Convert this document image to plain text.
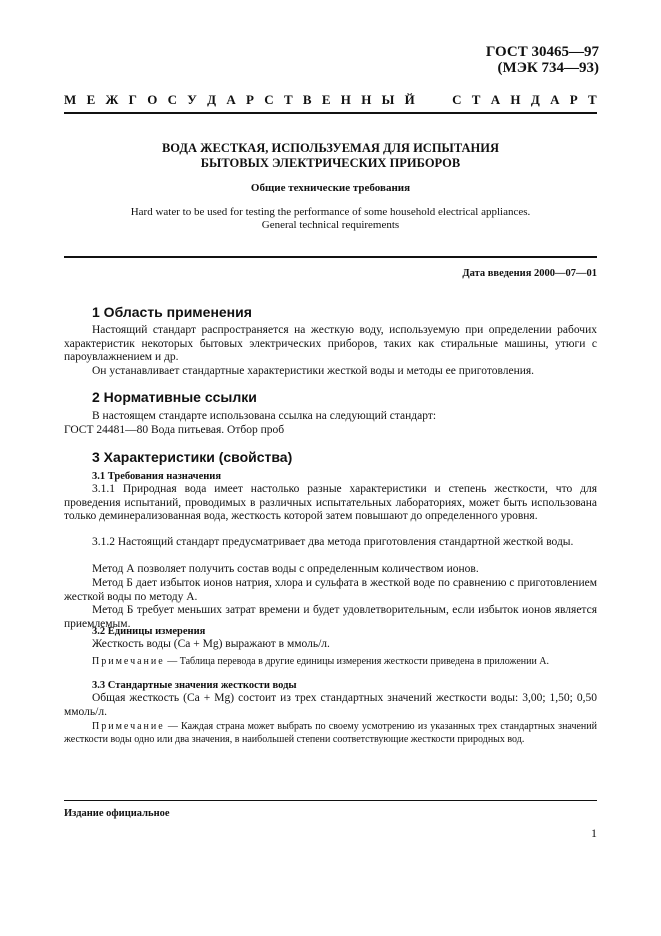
ГОСТ 30465—97
(МЭК 734—93)
М Е Ж Г О С У Д А Р С Т В Е Н Н Ы Й

	С Т А Н Д А Р Т
ВОДА ЖЕСТКАЯ, ИСПОЛЬЗУЕМАЯ ДЛЯ ИСПЫТАНИЯ
БЫТОВЫХ ЭЛЕКТРИЧЕСКИХ ПРИБОРОВ
Общие технические требования
Hard water to be used for testing the performance of some household electrical appliances.
General technical requirements
Дата введения 2000—07—01
1 Область применения
Настоящий стандарт распространяется на жесткую воду, используемую при определении рабочих характеристик некоторых бытовых электрических приборов, таких как стиральные машины, утюги с пароувлажнением и др.
Он устанавливает стандартные характеристики жесткой воды и методы ее приготовления.
2 Нормативные ссылки
В настоящем стандарте использована ссылка на следующий стандарт:
ГОСТ 24481—80 Вода питьевая. Отбор проб
3 Характеристики (свойства)
3.1 Требования назначения
3.1.1 Природная вода имеет настолько разные характеристики и степень жесткости, что для проведения испытаний, проводимых в различных испытательных лабораториях, может быть использована только деминерализованная вода, жесткость которой затем повышают до определенного уровня.
3.1.2 Настоящий стандарт предусматривает два метода приготовления стандартной жесткой воды.
Метод А позволяет получить состав воды с определенным количеством ионов.
Метод Б дает избыток ионов натрия, хлора и сульфата в жесткой воде по сравнению с приготовлением жесткой воды по методу А.
Метод Б требует меньших затрат времени и будет удовлетворительным, если избыток ионов является приемлемым.
3.2 Единицы измерения
Жесткость воды (Ca + Mg) выражают в ммоль/л.
Примечание — Таблица перевода в другие единицы измерения жесткости приведена в приложении А.
3.3 Стандартные значения жесткости воды
Общая жесткость (Ca + Mg) состоит из трех стандартных значений жесткости воды: 3,00; 1,50; 0,50 ммоль/л.
Примечание — Каждая страна может выбрать по своему усмотрению из указанных трех стандартных значений жесткости воды одно или два значения, в наибольшей степени соответствующие жесткости природных вод.
Издание официальное
1
